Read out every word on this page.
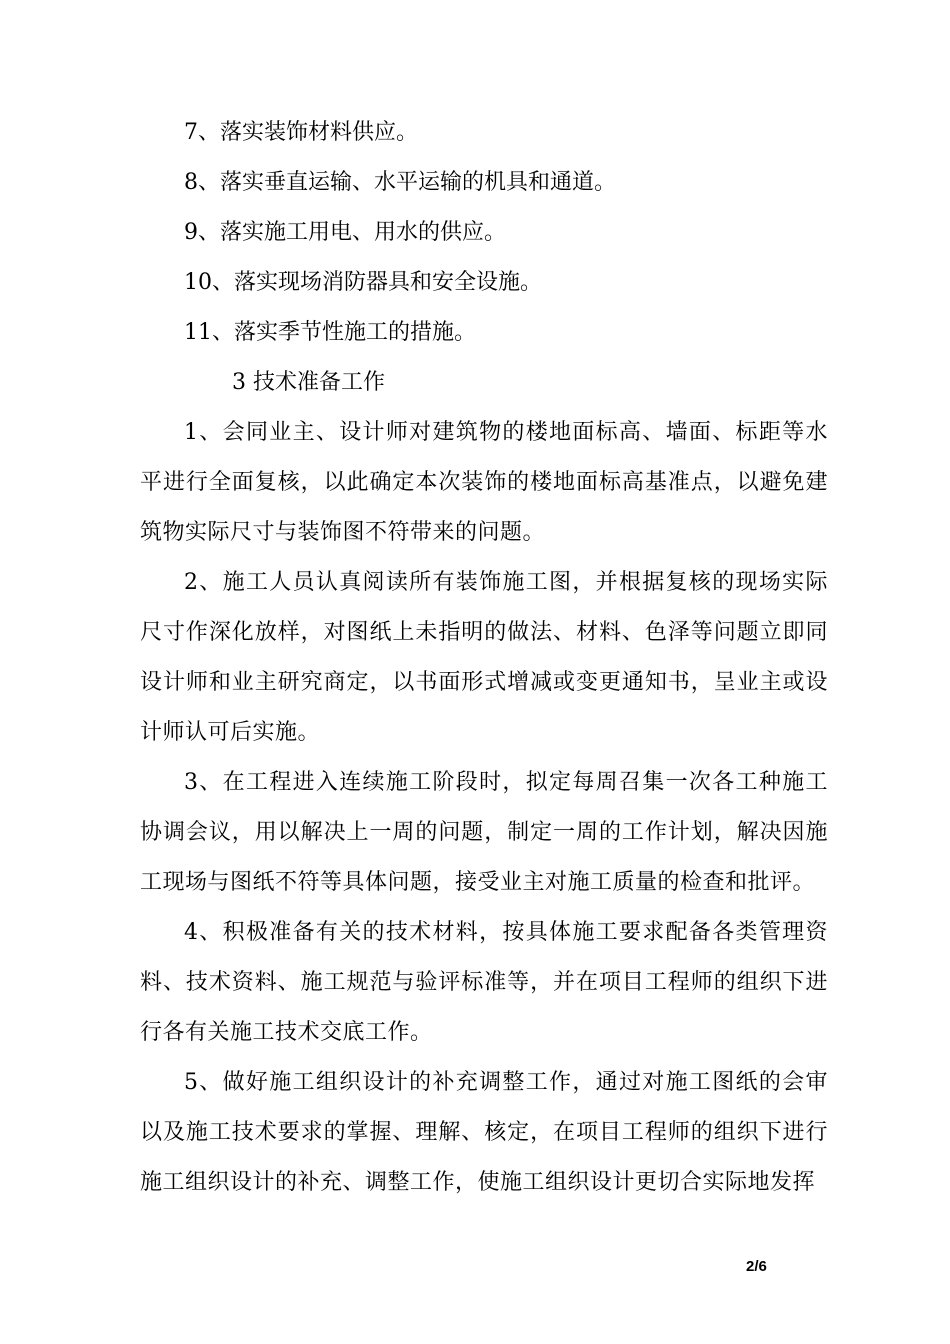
7、落实装饰材料供应。

8、落实垂直运输、水平运输的机具和通道。

9、落实施工用电、用水的供应。

10、落实现场消防器具和安全设施。

11、落实季节性施工的措施。

3 技术准备工作

1、会同业主、设计师对建筑物的楼地面标高、墙面、标距等水平进行全面复核，以此确定本次装饰的楼地面标高基准点，以避免建筑物实际尺寸与装饰图不符带来的问题。

2、施工人员认真阅读所有装饰施工图，并根据复核的现场实际尺寸作深化放样，对图纸上未指明的做法、材料、色泽等问题立即同设计师和业主研究商定，以书面形式增减或变更通知书，呈业主或设计师认可后实施。

3、在工程进入连续施工阶段时，拟定每周召集一次各工种施工协调会议，用以解决上一周的问题，制定一周的工作计划，解决因施工现场与图纸不符等具体问题，接受业主对施工质量的检查和批评。

4、积极准备有关的技术材料，按具体施工要求配备各类管理资料、技术资料、施工规范与验评标准等，并在项目工程师的组织下进行各有关施工技术交底工作。

5、做好施工组织设计的补充调整工作，通过对施工图纸的会审以及施工技术要求的掌握、理解、核定，在项目工程师的组织下进行施工组织设计的补充、调整工作，使施工组织设计更切合实际地发挥

2/6
